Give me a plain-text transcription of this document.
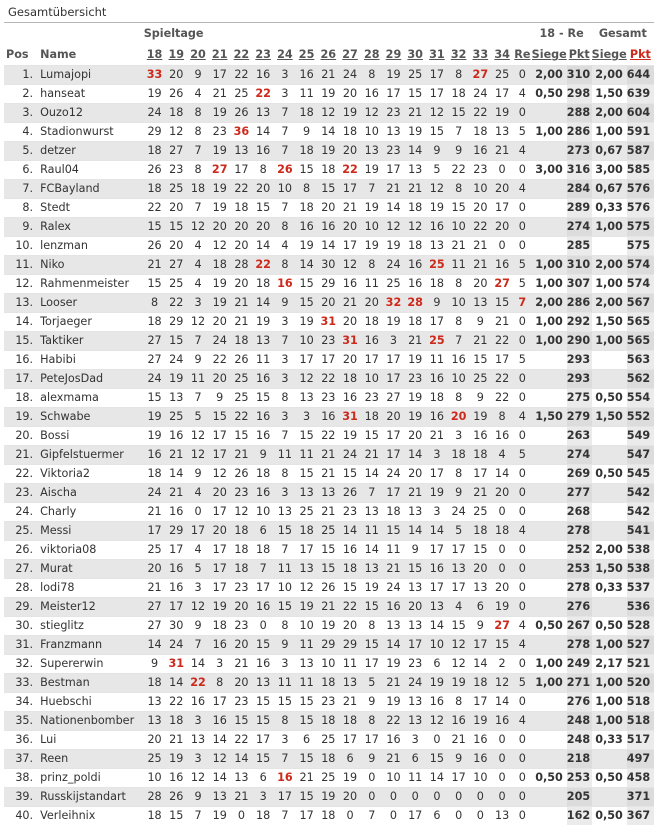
Gesamtübersicht
		Spieltage																		18 - Re		Gesamt	
Pos	Name	18	19	20	21	22	23	24	25	26	27	28	29	30	31	32	33	34	Re	Siege	Pkt	Siege	Pkt
1.	Lumajopi	33	20	9	17	22	16	3	16	21	24	8	19	25	17	8	27	25	0	2,00	310	2,00	644
2.	hanseat	19	26	4	21	25	22	3	11	19	20	16	17	15	17	18	24	17	4	0,50	298	1,50	639
3.	Ouzo12	24	18	8	19	26	13	7	18	12	19	12	23	21	12	15	22	19	0		288	2,00	604
4.	Stadionwurst	29	12	8	23	36	14	7	9	14	18	10	13	19	15	7	18	13	5	1,00	286	1,00	591
5.	detzer	18	27	7	19	13	16	7	18	19	20	13	23	14	9	9	16	21	4		273	0,67	587
6.	Raul04	26	23	8	27	17	8	26	15	18	22	19	17	13	5	22	23	0	0	3,00	316	3,00	585
7.	FCBayland	18	25	18	19	22	20	10	8	15	17	7	21	21	12	8	10	20	4		284	0,67	576
8.	Stedt	22	20	7	19	18	15	7	18	20	21	19	14	18	19	15	20	17	0		289	0,33	576
9.	Ralex	15	15	12	20	20	20	8	16	16	20	10	12	12	16	10	22	20	0		274	1,00	575
10.	lenzman	26	20	4	12	20	14	4	19	14	17	19	19	18	13	21	21	0	0		285		575
11.	Niko	21	27	4	18	28	22	8	14	30	12	8	24	16	25	11	21	16	5	1,00	310	2,00	574
12.	Rahmenmeister	15	25	4	19	20	18	16	15	29	16	11	25	16	18	8	20	27	5	1,00	307	1,00	574
13.	Looser	8	22	3	19	21	14	9	15	20	21	20	32	28	9	10	13	15	7	2,00	286	2,00	567
14.	Torjaeger	18	29	12	20	21	19	3	19	31	20	18	19	18	17	8	9	21	0	1,00	292	1,50	565
15.	Taktiker	27	15	7	24	18	13	7	10	23	31	16	3	21	25	7	21	22	0	1,00	290	1,00	565
16.	Habibi	27	24	9	22	26	11	3	17	17	20	17	17	19	11	16	15	17	5		293		563
17.	PeteJosDad	24	19	11	20	25	16	3	12	22	18	10	17	23	16	10	25	22	0		293		562
18.	alexmama	15	13	7	9	25	15	8	13	23	16	23	27	19	18	8	9	22	0		275	0,50	554
19.	Schwabe	19	25	5	15	22	16	3	3	16	31	18	20	19	16	20	19	8	4	1,50	279	1,50	552
20.	Bossi	19	16	12	17	15	16	7	15	22	19	15	17	20	21	3	16	16	0		263		549
21.	Gipfelstuermer	16	21	12	17	21	9	11	11	21	24	21	17	14	3	18	18	4	5		274		547
22.	Viktoria2	18	14	9	12	26	18	8	15	21	15	14	24	20	17	8	17	14	0		269	0,50	545
23.	Aischa	24	21	4	20	23	16	3	13	13	26	7	17	21	19	9	21	20	0		277		542
24.	Charly	21	16	0	17	12	10	13	25	21	23	13	18	13	3	24	25	0	0		268		542
25.	Messi	17	29	17	20	18	6	15	18	25	14	11	15	14	14	5	18	18	4		278		541
26.	viktoria08	25	17	4	17	18	18	7	17	15	16	14	11	9	17	17	15	0	0		252	2,00	538
27.	Murat	20	16	5	17	18	7	11	13	15	18	13	21	15	16	13	20	0	0		253	1,50	538
28.	lodi78	21	16	3	17	23	17	10	12	26	15	19	24	13	17	17	13	20	0		278	0,33	537
29.	Meister12	27	17	12	19	20	16	15	19	21	22	15	16	20	13	4	6	19	0		276		536
30.	stieglitz	27	30	9	18	23	0	8	10	19	20	8	13	13	14	15	9	27	4	0,50	267	0,50	528
31.	Franzmann	14	24	7	16	20	15	9	11	29	29	15	14	17	10	12	17	15	4		278	1,00	527
32.	Supererwin	9	31	14	3	21	16	3	13	10	11	17	19	23	6	12	14	2	0	1,00	249	2,17	521
33.	Bestman	18	14	22	8	20	13	11	11	18	13	5	21	24	19	19	18	12	5	1,00	271	1,00	520
34.	Huebschi	13	22	16	17	23	15	15	15	23	21	9	19	13	16	8	17	14	0		276	1,00	518
35.	Nationenbomber	13	18	3	16	15	15	8	15	18	18	8	22	13	12	16	19	16	4		248	1,00	518
36.	Lui	20	21	13	14	22	17	3	6	25	17	17	16	3	0	21	16	0	0		248	0,33	517
37.	Reen	25	19	3	12	14	15	7	15	18	6	9	21	6	15	9	16	0	0		218		497
38.	prinz_poldi	10	16	12	14	13	6	16	21	25	19	0	10	11	14	17	10	0	0	0,50	253	0,50	458
39.	Russkijstandart	28	26	9	13	21	3	17	15	19	20	0	0	0	0	0	0	0	0		205		371
40.	Verleihnix	18	15	7	19	0	18	7	17	18	0	7	0	17	6	0	0	13	0		162	0,50	367
